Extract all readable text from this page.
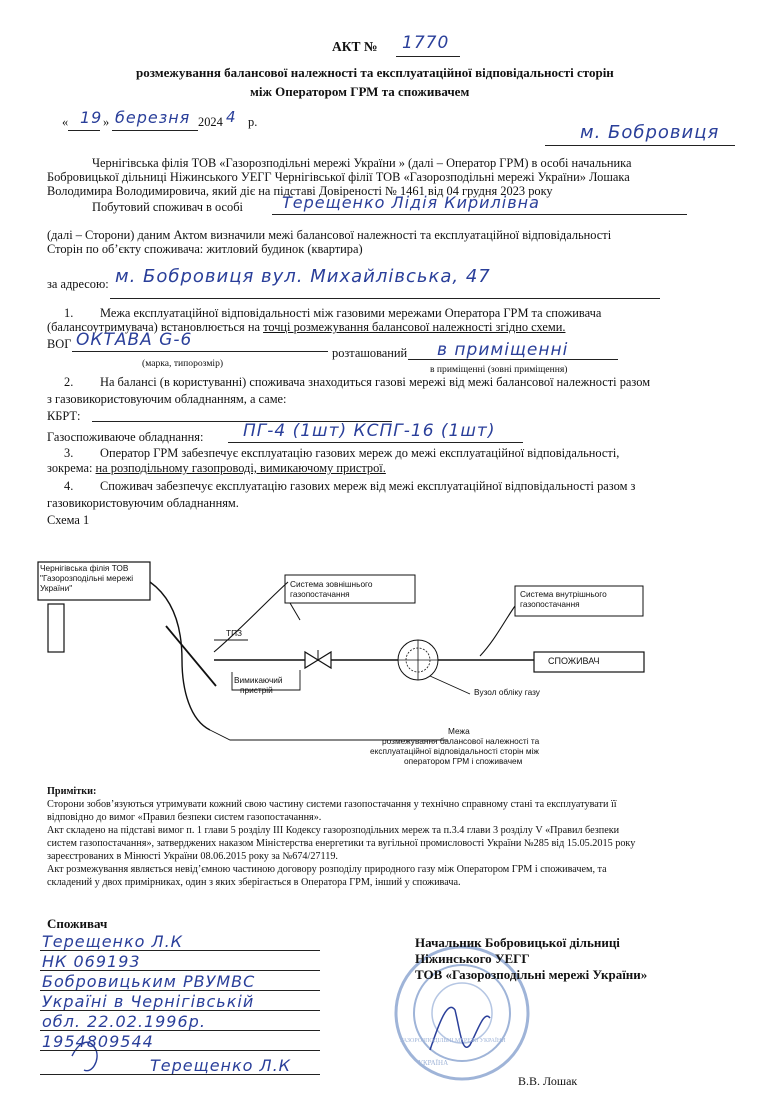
АКТ № 1770
розмежування балансової належності та експлуатаційної відповідальності сторін
між Оператором ГРМ та споживачем
« 19 » березня 2024 4 р.	м. Бобровиця
Чернігівська філія ТОВ «Газорозподільні мережі України » (далі – Оператор ГРМ) в особі начальника
Бобровицької дільниці Ніжинського УЕГГ Чернігівської філії ТОВ «Газорозподільні мережі України» Лошака
Володимира Володимировича, який діє на підставі Довіреності № 1461 від 04 грудня 2023 року
Побутовий споживач в особі Терещенко Лідія Кирилівна
(далі – Сторони) даним Актом визначили межі балансової належності та експлуатаційної відповідальності
Сторін по об’єкту споживача: житловий будинок (квартира)
за адресою: м. Бобровиця вул. Михайлівська, 47
1. Межа експлуатаційної відповідальності між газовими мережами Оператора ГРМ та споживача
(балансоутримувача) встановлюється на точці розмежування балансової належності згідно схеми.
ВОГ ОКТАВА G-6
розташований в приміщенні
(марка, типорозмір)
в приміщенні (зовні приміщення)
2. На балансі (в користуванні) споживача знаходиться газові мережі від межі балансової належності разом
з газовикористовуючим обладнанням, а саме:
КБРТ:
Газоспоживаюче обладнання: ПГ-4 (1шт) КСПГ-16 (1шт)
3. Оператор ГРМ забезпечує експлуатацію газових мереж до межі експлуатаційної відповідальності,
зокрема: на розподільному газопроводі, вимикаючому пристрої.
4. Споживач забезпечує експлуатацію газових мереж від межі експлуатаційної відповідальності разом з
газовикористовуючим обладнанням.
Схема 1
Чернігівська філія ТОВ
"Газорозподільні мережі
України"	Система зовнішнього
газопостачання	Система внутрішнього
газопостачання
ТПЗ
Вимикаючий
пристрій
СПОЖИВАЧ
Вузол обліку газу
Межа
розмежування балансової належності та
експлуатаційної відповідальності сторін між
оператором ГРМ і споживачем
Примітки:
Сторони зобов’язуються утримувати кожний свою частину системи газопостачання у технічно справному стані та експлуатувати її
відповідно до вимог «Правил безпеки систем газопостачання».
Акт складено на підставі вимог п. 1 глави 5 розділу ІІІ Кодексу газорозподільних мереж та п.3.4 глави 3 розділу V «Правил безпеки
систем газопостачання», затверджених наказом Міністерства енергетики та вугільної промисловості України №285 від 15.05.2015 року
зареєстрованих в Мінюсті України 08.06.2015 року за №674/27119.
Акт розмежування являється невід’ємною частиною договору розподілу природного газу між Оператором ГРМ і споживачем, та
складений у двох примірниках, один з яких зберігається в Оператора ГРМ, інший у споживача.
Споживач
Терещенко Л.К
НК 069193
Бобровицьким РВУМВС
Україні в Чернігівській
обл. 22.02.1996р.
1954809544
Терещенко Л.К
Начальник Бобровицької дільниці
Ніжинського УЕГГ
ТОВ «Газорозподільні мережі України»
УКРАЇНА
ГАЗОРОЗПОДІЛЬНІ МЕРЕЖІ УКРАЇНИ
В.В. Лошак
